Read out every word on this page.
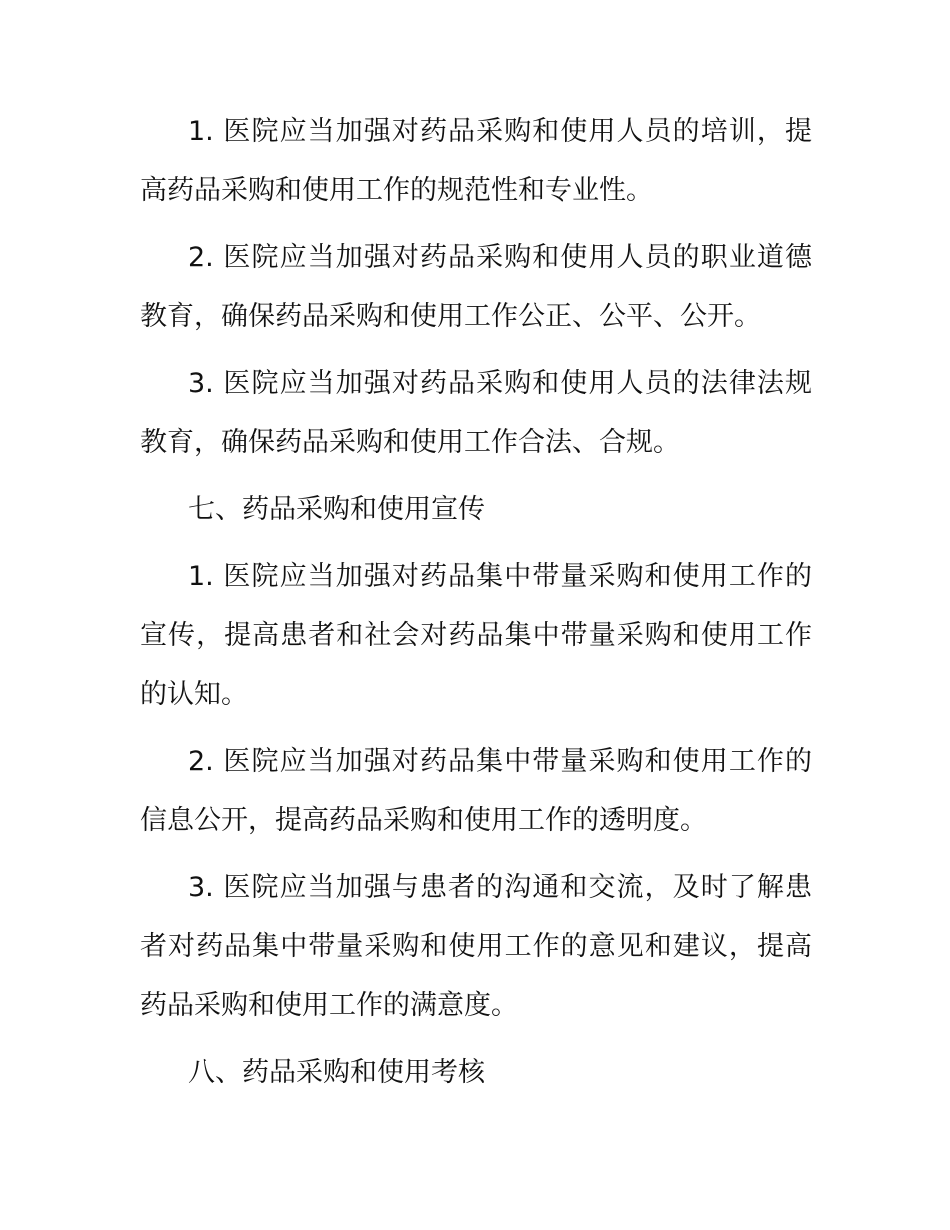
1. 医院应当加强对药品采购和使用人员的培训，提高药品采购和使用工作的规范性和专业性。

2. 医院应当加强对药品采购和使用人员的职业道德教育，确保药品采购和使用工作公正、公平、公开。

3. 医院应当加强对药品采购和使用人员的法律法规教育，确保药品采购和使用工作合法、合规。

七、药品采购和使用宣传

1. 医院应当加强对药品集中带量采购和使用工作的宣传，提高患者和社会对药品集中带量采购和使用工作的认知。

2. 医院应当加强对药品集中带量采购和使用工作的信息公开，提高药品采购和使用工作的透明度。

3. 医院应当加强与患者的沟通和交流，及时了解患者对药品集中带量采购和使用工作的意见和建议，提高药品采购和使用工作的满意度。

八、药品采购和使用考核
